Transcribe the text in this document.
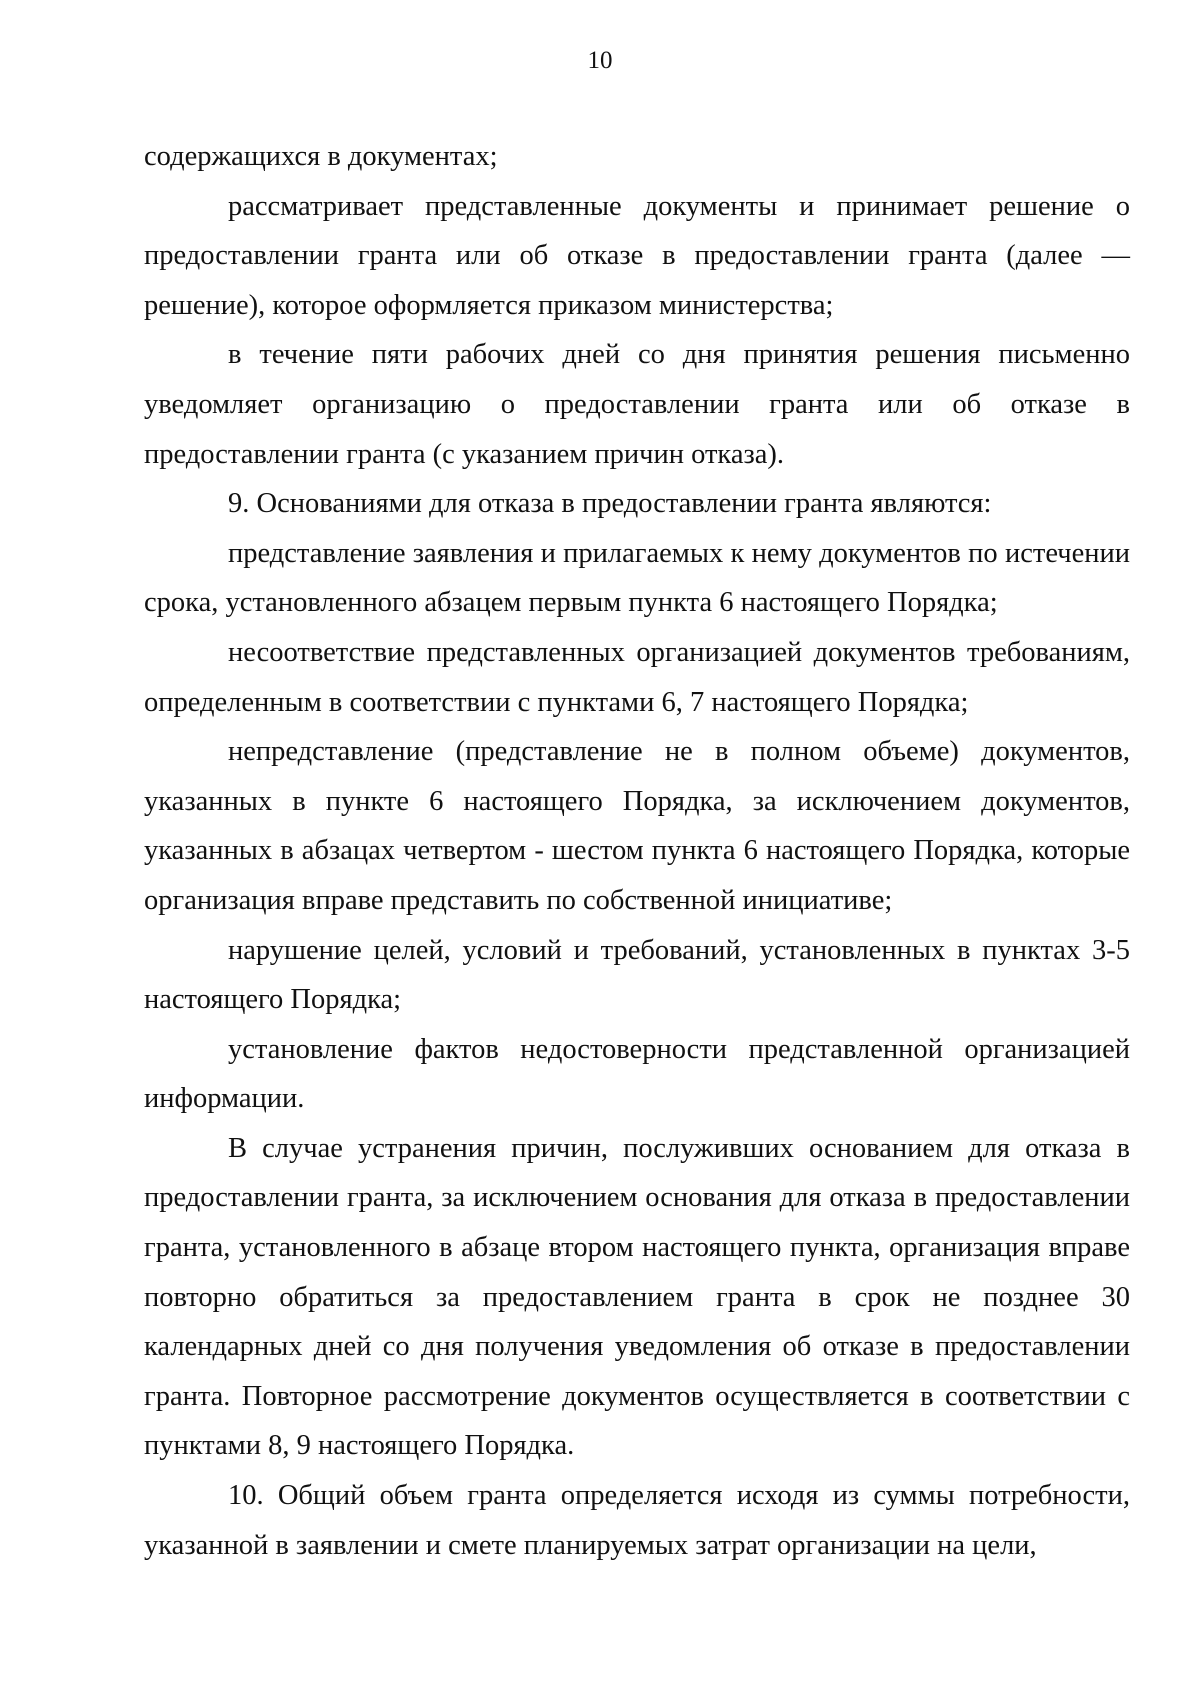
10

содержащихся в документах;

рассматривает представленные документы и принимает решение о предоставлении гранта или об отказе в предоставлении гранта (далее — решение), которое оформляется приказом министерства;

в течение пяти рабочих дней со дня принятия решения письменно уведомляет организацию о предоставлении гранта или об отказе в предоставлении гранта (с указанием причин отказа).

9. Основаниями для отказа в предоставлении гранта являются:

представление заявления и прилагаемых к нему документов по истечении срока, установленного абзацем первым пункта 6 настоящего Порядка;

несоответствие представленных организацией документов требованиям, определенным в соответствии с пунктами 6, 7 настоящего Порядка;

непредставление (представление не в полном объеме) документов, указанных в пункте 6 настоящего Порядка, за исключением документов, указанных в абзацах четвертом - шестом пункта 6 настоящего Порядка, которые организация вправе представить по собственной инициативе;

нарушение целей, условий и требований, установленных в пунктах 3-5 настоящего Порядка;

установление фактов недостоверности представленной организацией информации.

В случае устранения причин, послуживших основанием для отказа в предоставлении гранта, за исключением основания для отказа в предоставлении гранта, установленного в абзаце втором настоящего пункта, организация вправе повторно обратиться за предоставлением гранта в срок не позднее 30 календарных дней со дня получения уведомления об отказе в предоставлении гранта. Повторное рассмотрение документов осуществляется в соответствии с пунктами 8, 9 настоящего Порядка.

10. Общий объем гранта определяется исходя из суммы потребности, указанной в заявлении и смете планируемых затрат организации на цели,
